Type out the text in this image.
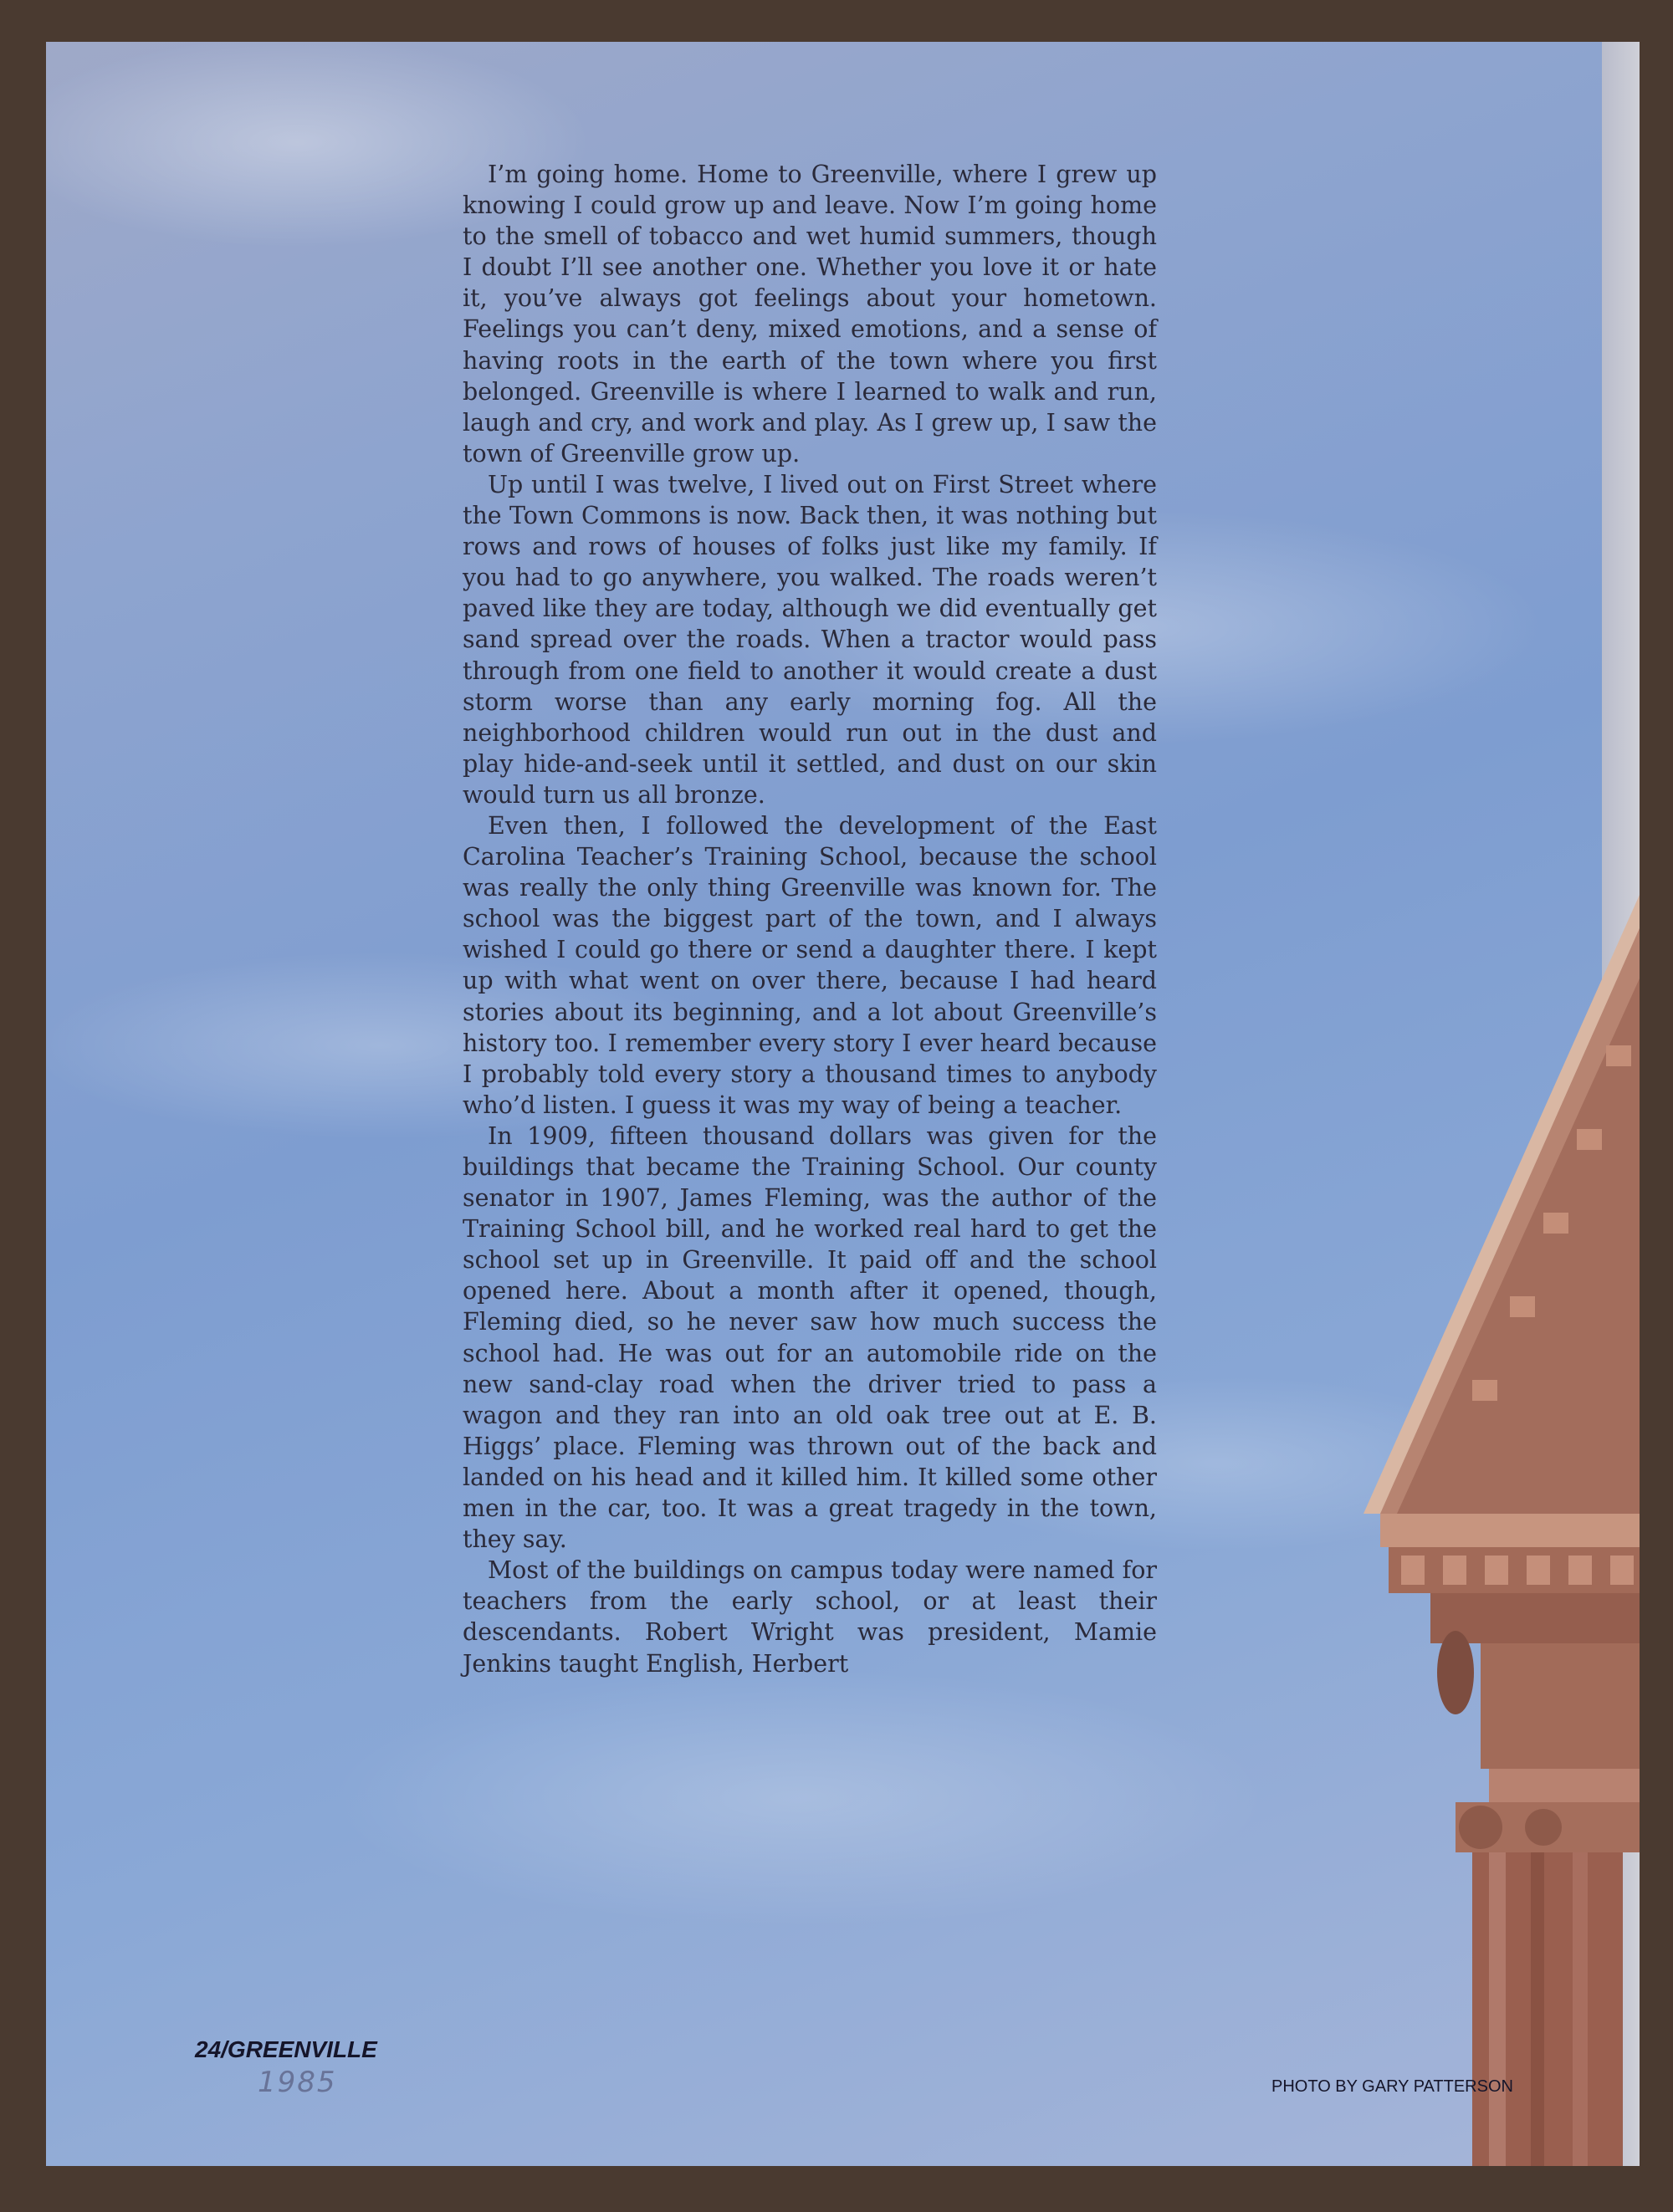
I’m going home. Home to Greenville, where I grew up knowing I could grow up and leave. Now I’m going home to the smell of tobacco and wet humid summers, though I doubt I’ll see another one. Whether you love it or hate it, you’ve always got feelings about your hometown. Feelings you can’t deny, mixed emotions, and a sense of having roots in the earth of the town where you first belonged. Greenville is where I learned to walk and run, laugh and cry, and work and play. As I grew up, I saw the town of Greenville grow up.

Up until I was twelve, I lived out on First Street where the Town Commons is now. Back then, it was nothing but rows and rows of houses of folks just like my family. If you had to go anywhere, you walked. The roads weren’t paved like they are today, although we did eventually get sand spread over the roads. When a tractor would pass through from one field to another it would create a dust storm worse than any early morning fog. All the neighborhood children would run out in the dust and play hide-and-seek until it settled, and dust on our skin would turn us all bronze.

Even then, I followed the development of the East Carolina Teacher’s Training School, because the school was really the only thing Greenville was known for. The school was the biggest part of the town, and I always wished I could go there or send a daughter there. I kept up with what went on over there, because I had heard stories about its beginning, and a lot about Greenville’s history too. I remember every story I ever heard because I probably told every story a thousand times to anybody who’d listen. I guess it was my way of being a teacher.

In 1909, fifteen thousand dollars was given for the buildings that became the Training School. Our county senator in 1907, James Fleming, was the author of the Training School bill, and he worked real hard to get the school set up in Greenville. It paid off and the school opened here. About a month after it opened, though, Fleming died, so he never saw how much success the school had. He was out for an automobile ride on the new sand-clay road when the driver tried to pass a wagon and they ran into an old oak tree out at E. B. Higgs’ place. Fleming was thrown out of the back and landed on his head and it killed him. It killed some other men in the car, too. It was a great tragedy in the town, they say.

Most of the buildings on campus today were named for teachers from the early school, or at least their descendants. Robert Wright was president, Mamie Jenkins taught English, Herbert

24/GREENVILLE
1985	PHOTO BY GARY PATTERSON
